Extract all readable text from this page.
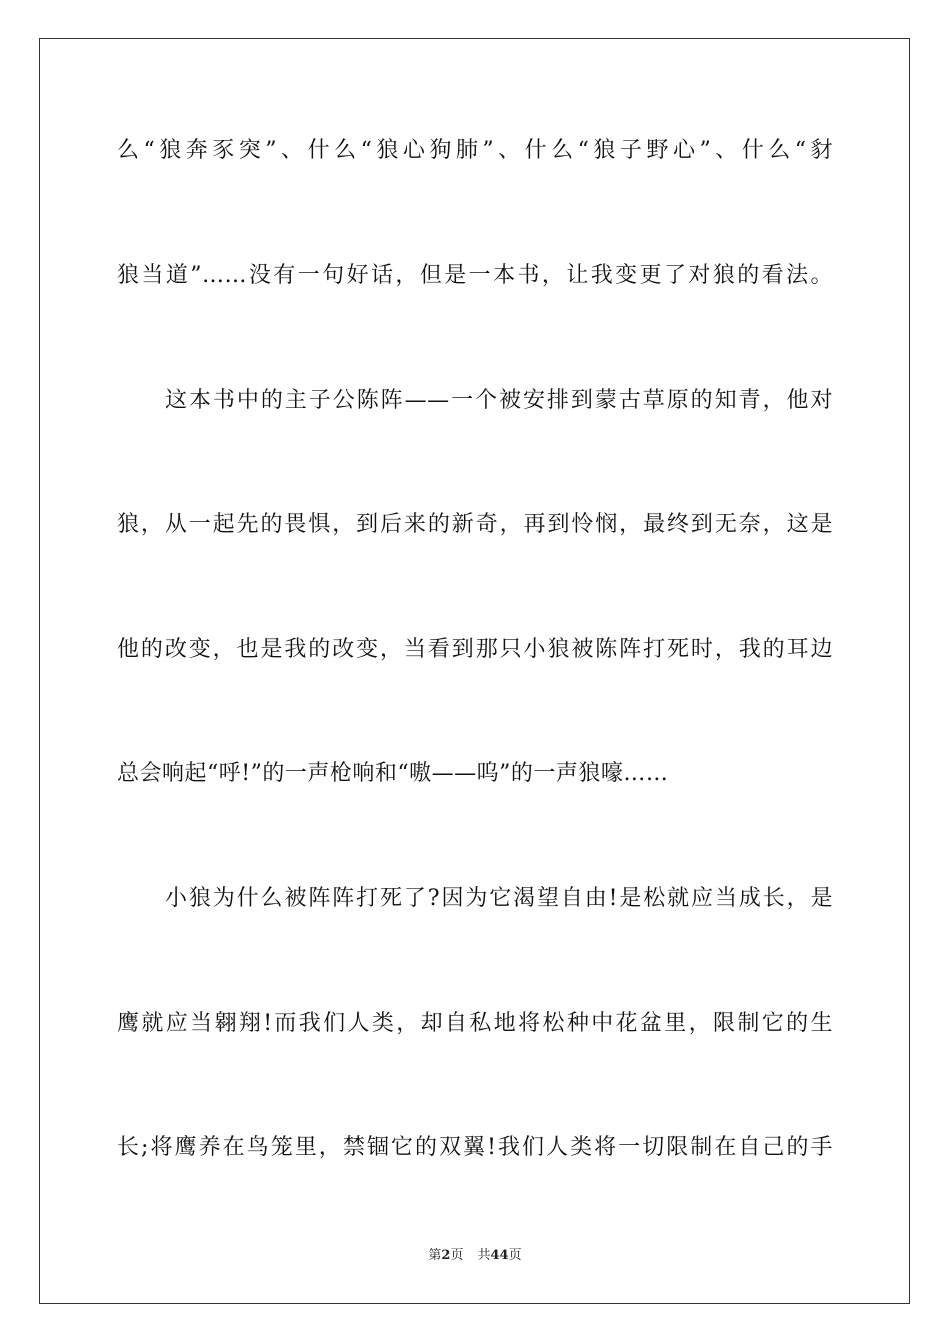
么“狼奔豕突”、什么“狼心狗肺”、什么“狼子野心”、什么“豺
狼当道”……没有一句好话，但是一本书，让我变更了对狼的看法。
这本书中的主子公陈阵——一个被安排到蒙古草原的知青，他对
狼，从一起先的畏惧，到后来的新奇，再到怜悯，最终到无奈，这是
他的改变，也是我的改变，当看到那只小狼被陈阵打死时，我的耳边
总会响起“呼!”的一声枪响和“嗷——呜”的一声狼嚎……
小狼为什么被阵阵打死了?因为它渴望自由!是松就应当成长，是
鹰就应当翱翔!而我们人类，却自私地将松种中花盆里，限制它的生
长;将鹰养在鸟笼里，禁锢它的双翼!我们人类将一切限制在自己的手
第2页 共44页
